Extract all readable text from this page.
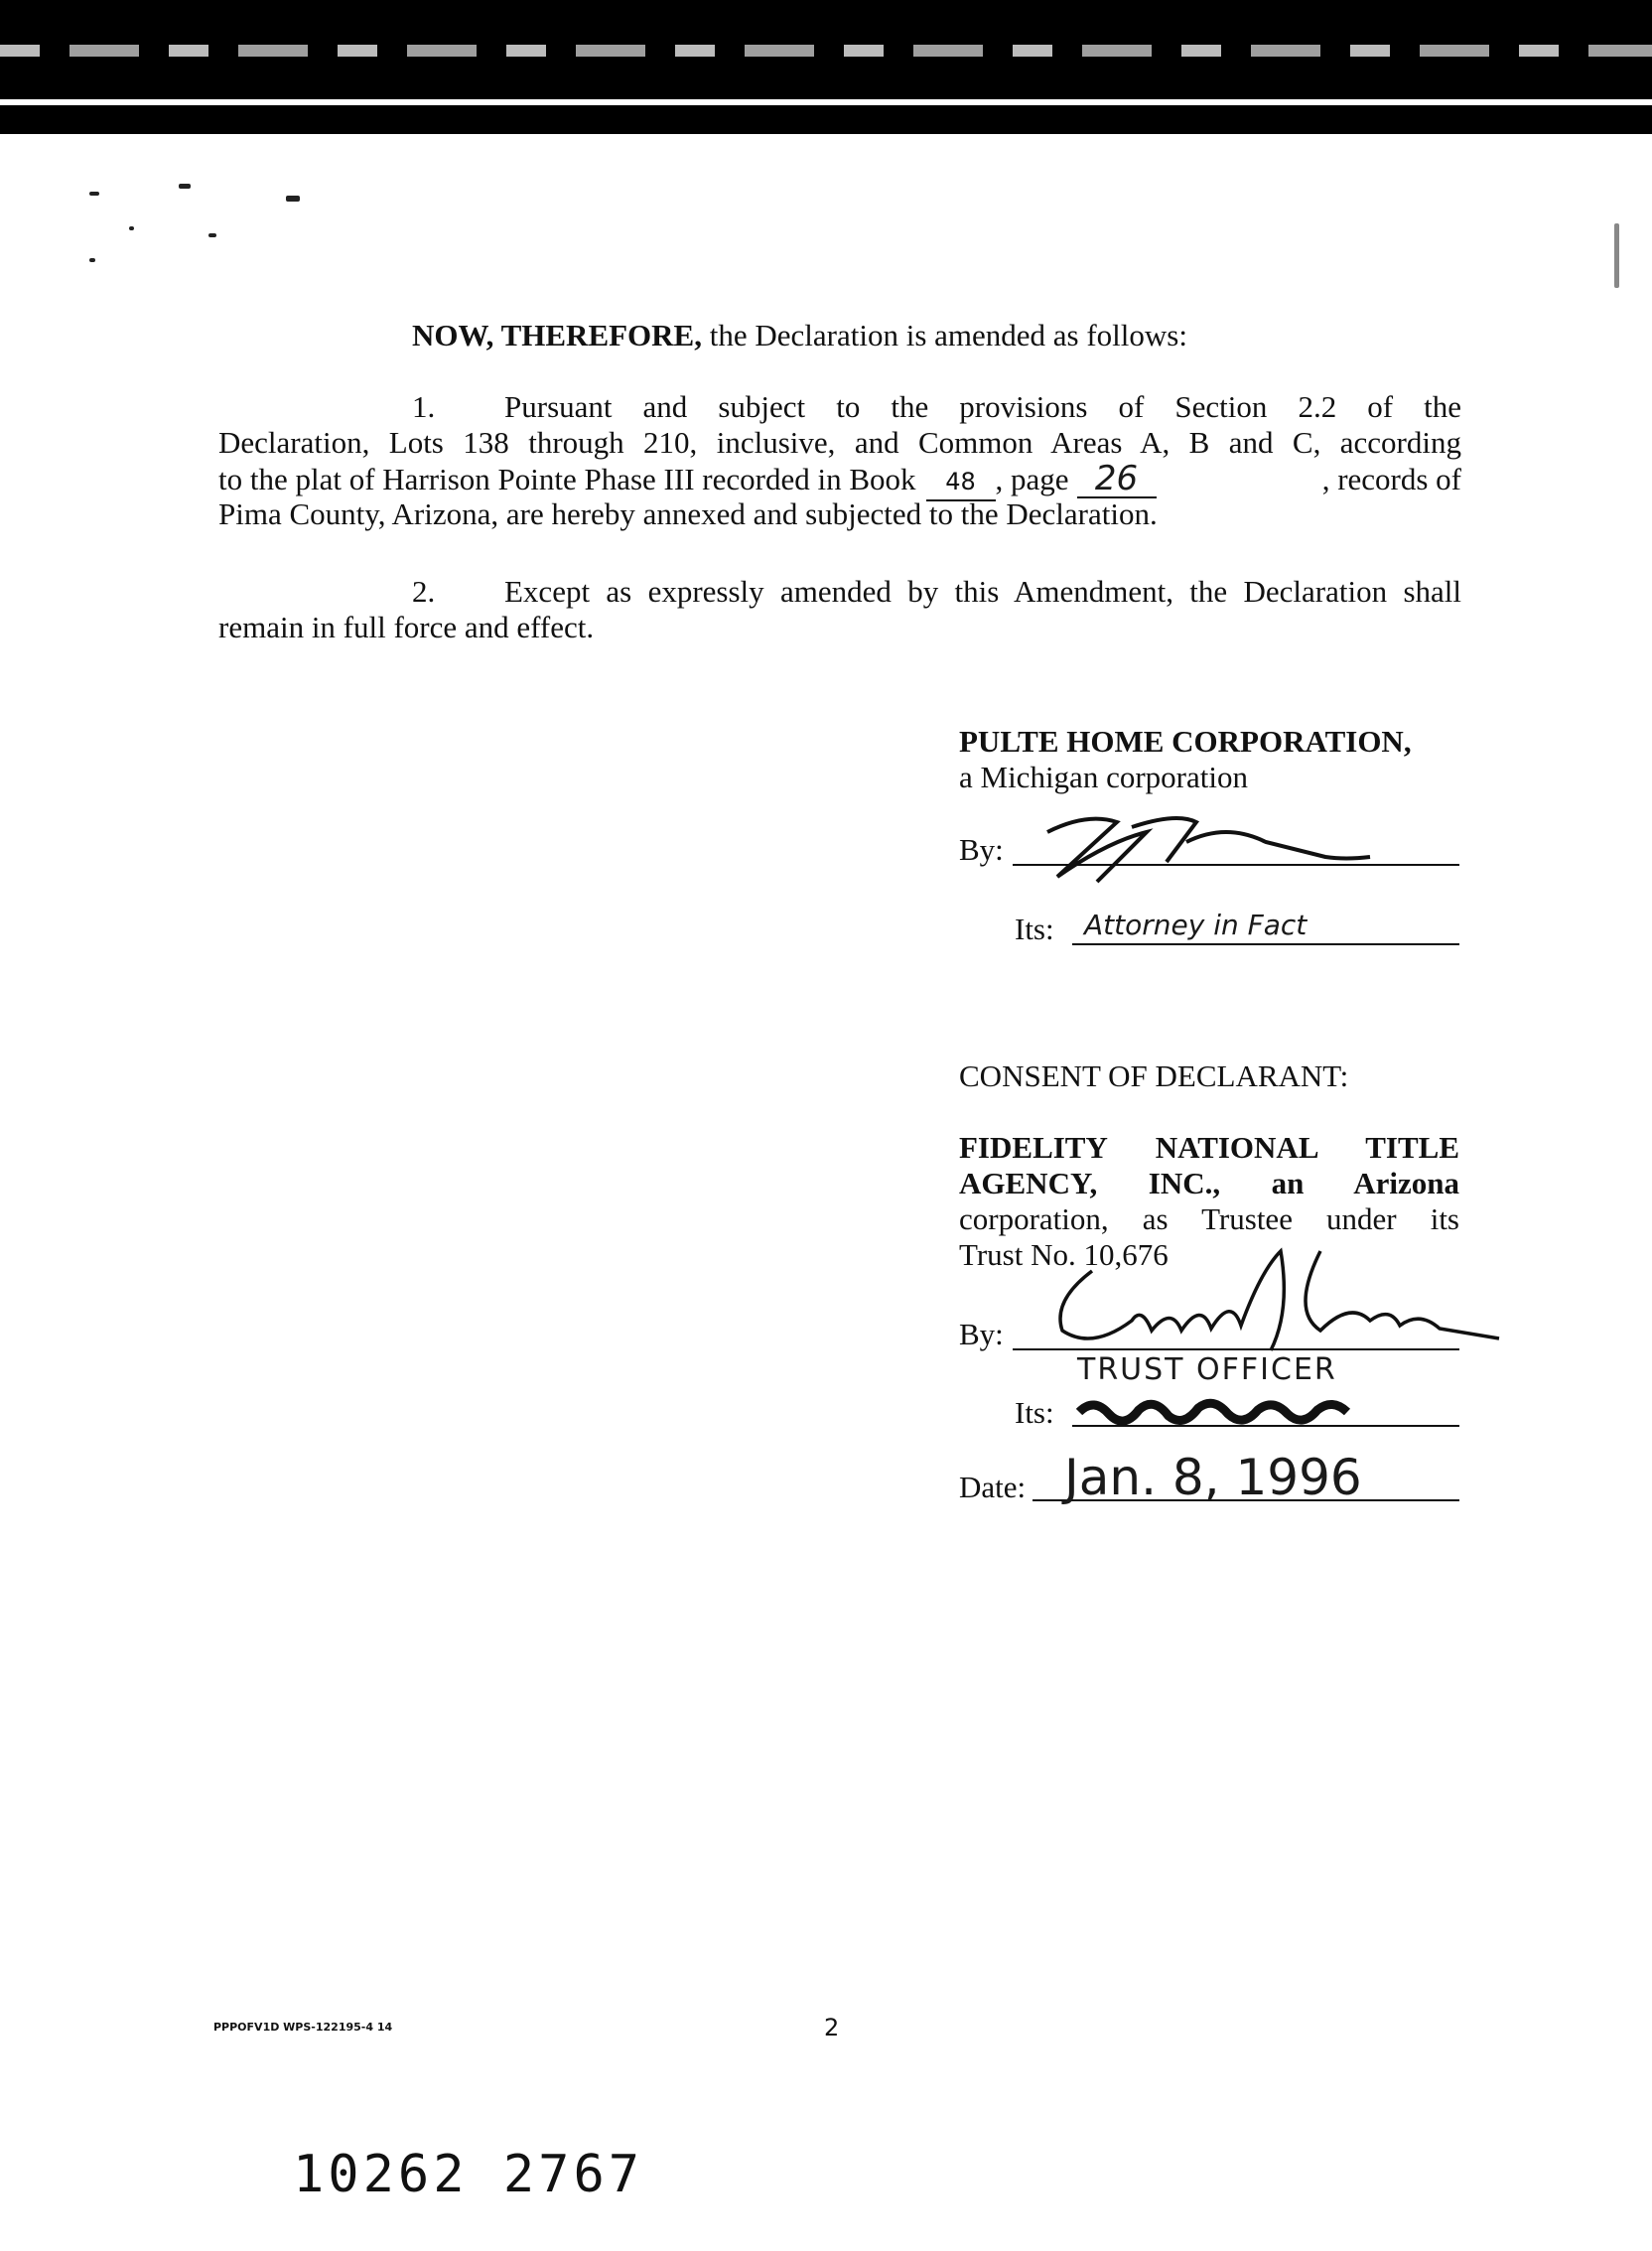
NOW, THEREFORE, the Declaration is amended as follows:
1. Pursuant and subject to the provisions of Section 2.2 of the
Declaration, Lots 138 through 210, inclusive, and Common Areas A, B and C, according
to the plat of Harrison Pointe Phase III recorded in Book	48 , page 26	, records of
Pima County, Arizona, are hereby annexed and subjected to the Declaration.
2. Except as expressly amended by this Amendment, the Declaration shall
remain in full force and effect.
PULTE HOME CORPORATION,
a Michigan corporation
By:
Its: Attorney in Fact
CONSENT OF DECLARANT:
FIDELITY NATIONAL TITLE
AGENCY, INC., an Arizona
corporation, as Trustee under its
Trust No. 10,676
By:
Its:
TRUST OFFICER
Date: Jan. 8, 1996
PPPOFV1D WPS-122195-4 14	2
10262 2767
